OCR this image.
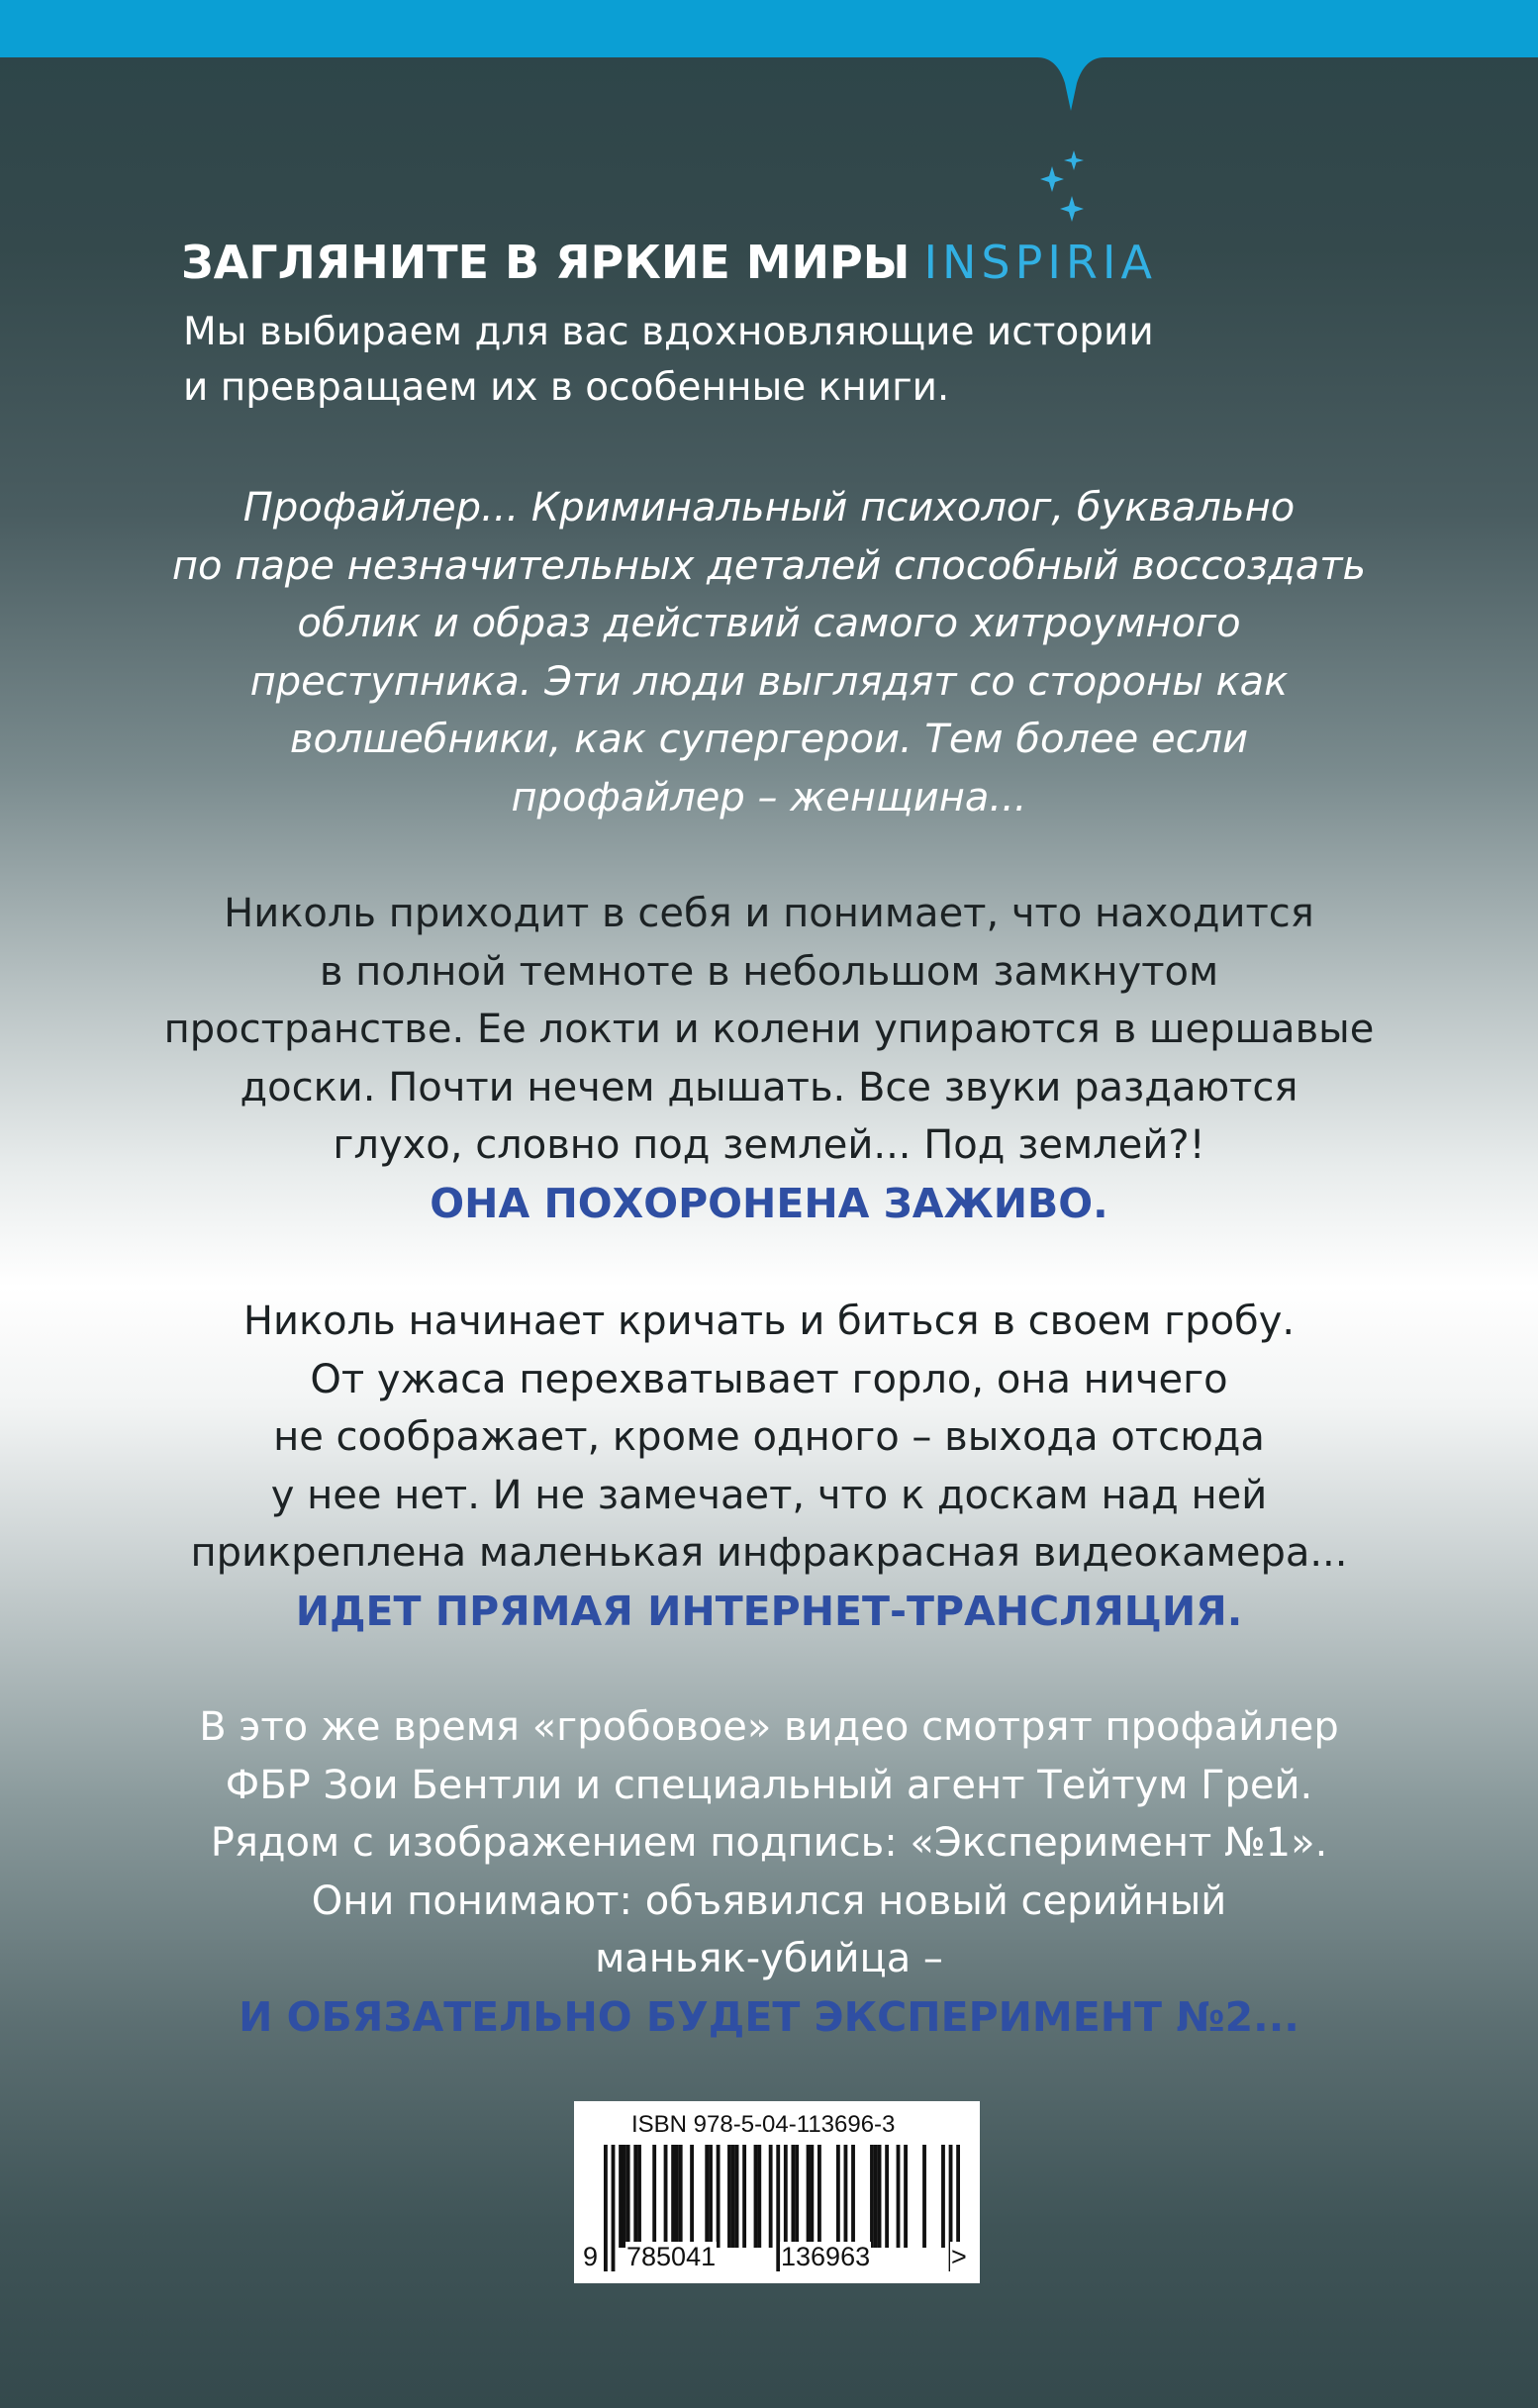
ЗАГЛЯНИТЕ В ЯРКИЕ МИРЫ INSPIRIA
Мы выбираем для вас вдохновляющие истории
и превращаем их в особенные книги.
Профайлер... Криминальный психолог, буквально
по паре незначительных деталей способный воссоздать
облик и образ действий самого хитроумного
преступника. Эти люди выглядят со стороны как
волшебники, как супергерои. Тем более если
профайлер – женщина...
Николь приходит в себя и понимает, что находится
в полной темноте в небольшом замкнутом
пространстве. Ее локти и колени упираются в шершавые
доски. Почти нечем дышать. Все звуки раздаются
глухо, словно под землей... Под землей?!
ОНА ПОХОРОНЕНА ЗАЖИВО.
Николь начинает кричать и биться в своем гробу.
От ужаса перехватывает горло, она ничего
не соображает, кроме одного – выхода отсюда
у нее нет. И не замечает, что к доскам над ней
прикреплена маленькая инфракрасная видеокамера...
ИДЕТ ПРЯМАЯ ИНТЕРНЕТ-ТРАНСЛЯЦИЯ.
В это же время «гробовое» видео смотрят профайлер
ФБР Зои Бентли и специальный агент Тейтум Грей.
Рядом с изображением подпись: «Эксперимент №1».
Они понимают: объявился новый серийный
маньяк-убийца –
И ОБЯЗАТЕЛЬНО БУДЕТ ЭКСПЕРИМЕНТ №2...
ISBN 978-5-04-113696-3
9 785041 136963	>
